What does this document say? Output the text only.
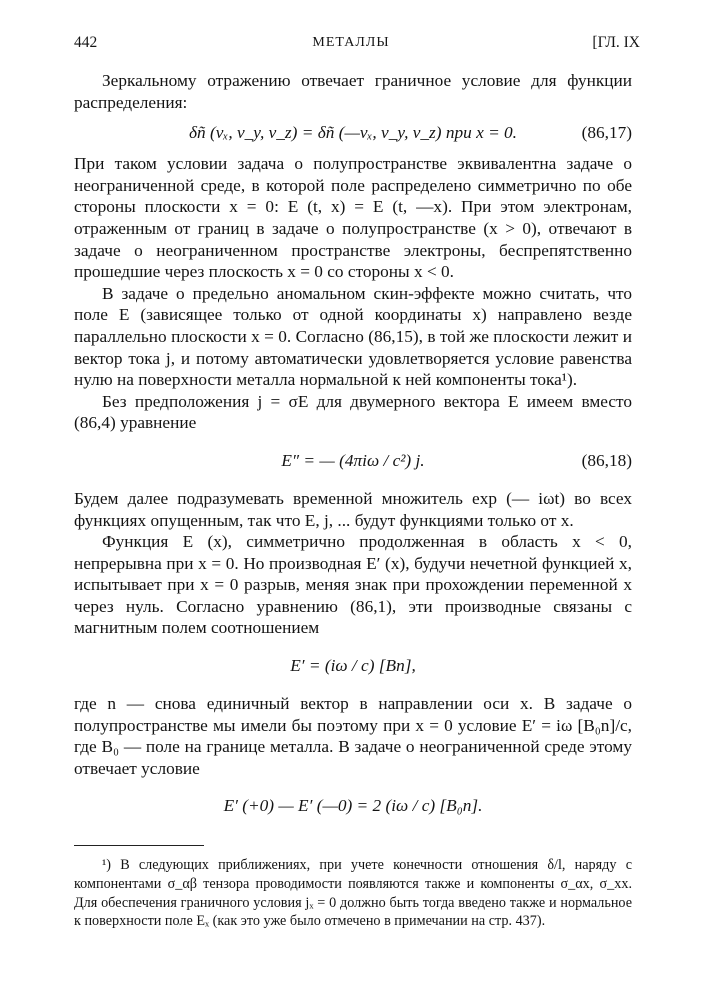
442	МЕТАЛЛЫ	[ГЛ. IX

Зеркальному отражению отвечает граничное условие для функции распределения:

δñ (vₓ, v_y, v_z) = δñ (—vₓ, v_y, v_z) при x = 0.	(86,17)

При таком условии задача о полупространстве эквивалентна задаче о неограниченной среде, в которой поле распределено симметрично по обе стороны плоскости x = 0: E (t, x) = E (t, —x). При этом электронам, отраженным от границ в задаче о полупространстве (x > 0), отвечают в задаче о неограниченном пространстве электроны, беспрепятственно прошедшие через плоскость x = 0 со стороны x < 0.

В задаче о предельно аномальном скин-эффекте можно считать, что поле E (зависящее только от одной координаты x) направлено везде параллельно плоскости x = 0. Согласно (86,15), в той же плоскости лежит и вектор тока j, и потому автоматически удовлетворяется условие равенства нулю на поверхности металла нормальной к ней компоненты тока¹).

Без предположения j = σE для двумерного вектора E имеем вместо (86,4) уравнение

E″ = — (4πiω / c²) j.	(86,18)

Будем далее подразумевать временной множитель exp (— iωt) во всех функциях опущенным, так что E, j, ... будут функциями только от x.

Функция E (x), симметрично продолженная в область x < 0, непрерывна при x = 0. Но производная E′ (x), будучи нечетной функцией x, испытывает при x = 0 разрыв, меняя знак при прохождении переменной x через нуль. Согласно уравнению (86,1), эти производные связаны с магнитным полем соотношением

E′ = (iω / c) [Bn],

где n — снова единичный вектор в направлении оси x. В задаче о полупространстве мы имели бы поэтому при x = 0 условие E′ = iω [B₀n]/c, где B₀ — поле на границе металла. В задаче о неограниченной среде этому отвечает условие

E′ (+0) — E′ (—0) = 2 (iω / c) [B₀n].

¹) В следующих приближениях, при учете конечности отношения δ/l, наряду с компонентами σ_αβ тензора проводимости появляются также и компоненты σ_αx, σ_xx. Для обеспечения граничного условия jₓ = 0 должно быть тогда введено также и нормальное к поверхности поле Eₓ (как это уже было отмечено в примечании на стр. 437).
